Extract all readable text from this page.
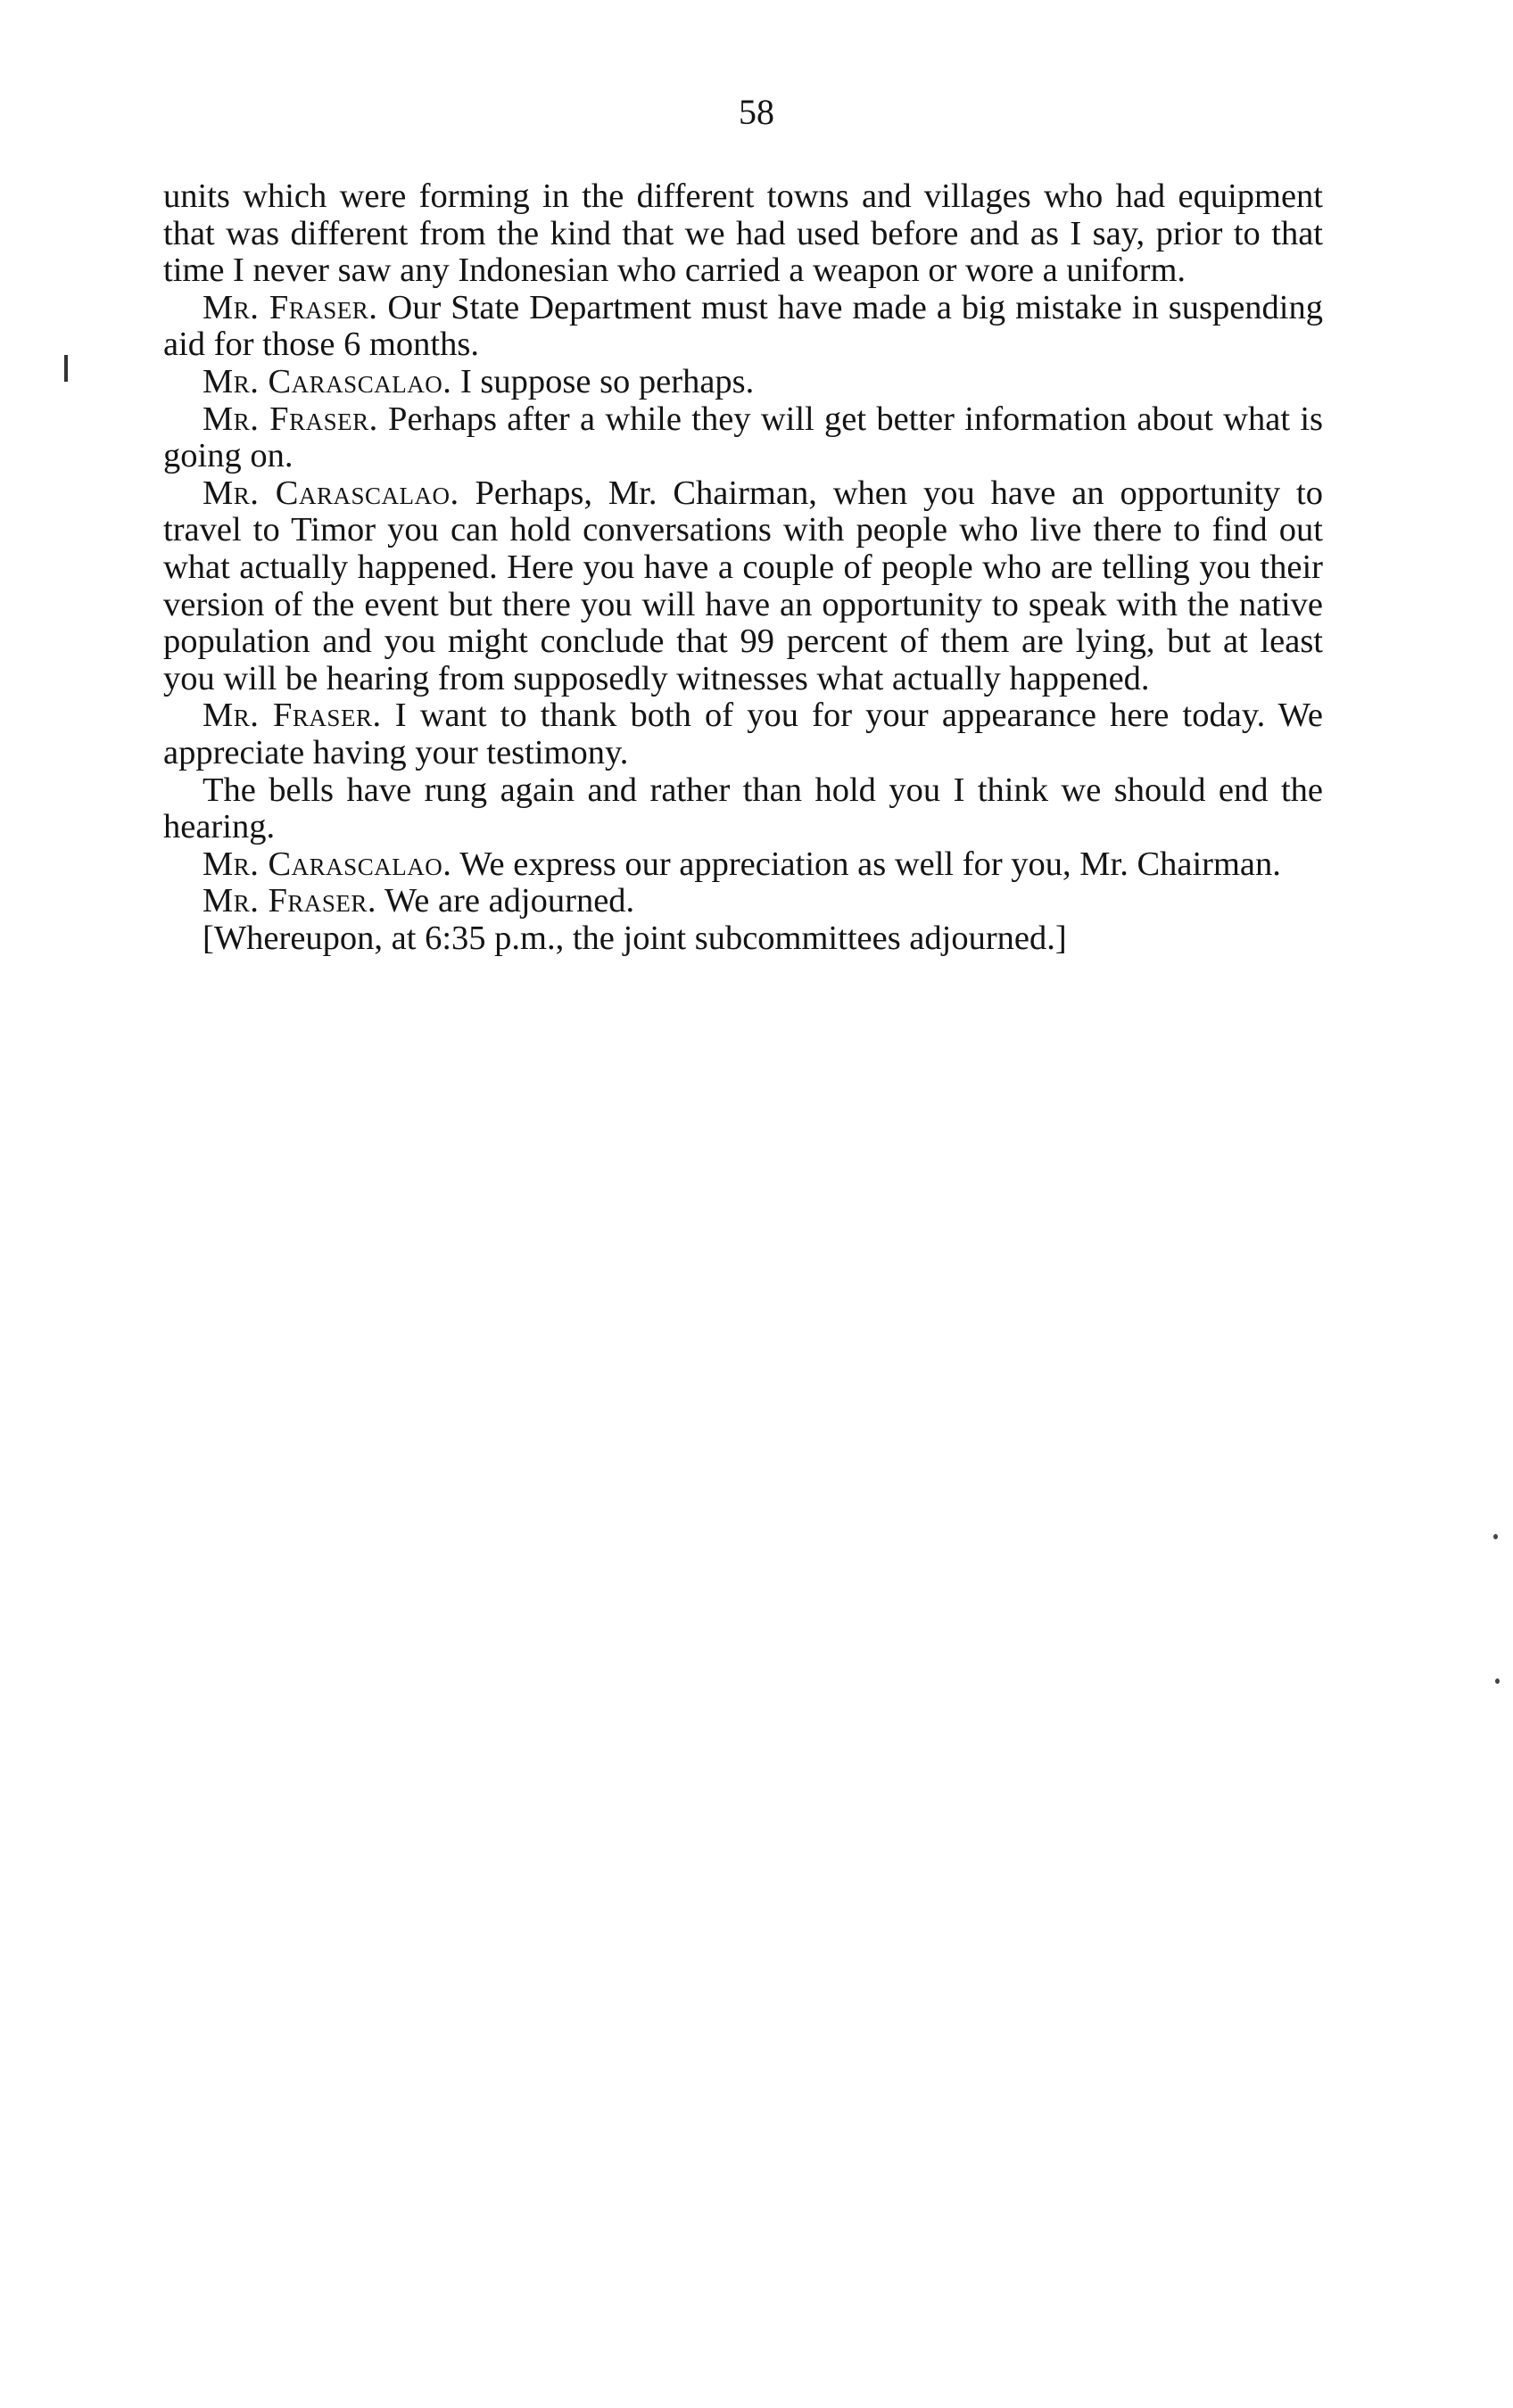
58

units which were forming in the different towns and villages who had equipment that was different from the kind that we had used before and as I say, prior to that time I never saw any Indonesian who carried a weapon or wore a uniform.

Mr. Fraser. Our State Department must have made a big mistake in suspending aid for those 6 months.

Mr. Carascalao. I suppose so perhaps.

Mr. Fraser. Perhaps after a while they will get better information about what is going on.

Mr. Carascalao. Perhaps, Mr. Chairman, when you have an opportunity to travel to Timor you can hold conversations with people who live there to find out what actually happened. Here you have a couple of people who are telling you their version of the event but there you will have an opportunity to speak with the native population and you might conclude that 99 percent of them are lying, but at least you will be hearing from supposedly witnesses what actually happened.

Mr. Fraser. I want to thank both of you for your appearance here today. We appreciate having your testimony.

The bells have rung again and rather than hold you I think we should end the hearing.

Mr. Carascalao. We express our appreciation as well for you, Mr. Chairman.

Mr. Fraser. We are adjourned.

[Whereupon, at 6:35 p.m., the joint subcommittees adjourned.]
